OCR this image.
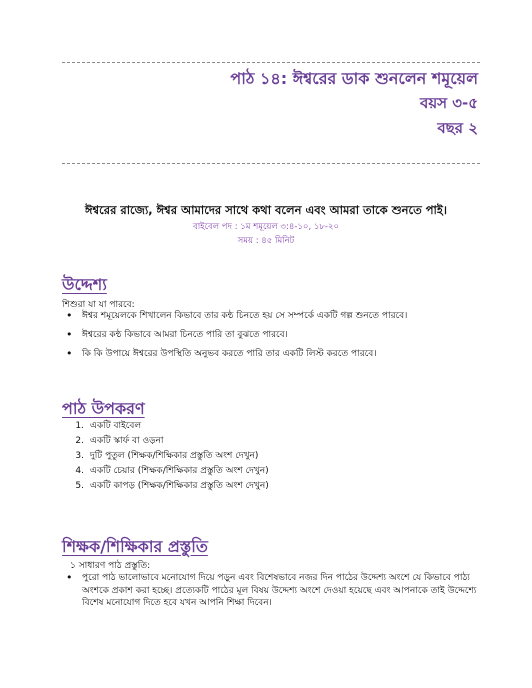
পাঠ ১৪: ঈশ্বরের ডাক শুনলেন শমূয়েল
বয়স ৩-৫
বছর ২
ঈশ্বরের রাজ্যে, ঈশ্বর আমাদের সাথে কথা বলেন এবং আমরা তাকে শুনতে পাই।
বাইবেল পদ : ১ম শমূয়েল ৩:৪-১০, ১৮-২০
সময় : ৪৫ মিনিট
উদ্দেশ্য
শিশুরা যা যা পারবে:
• ঈশ্বর শমূয়েলকে শিখালেন কিভাবে তার কন্ঠ চিনতে হয় সে সম্পর্কে একটি গল্প শুনতে পারবে।
• ঈশ্বরের কন্ঠ কিভাবে আমরা চিনতে পারি তা বুঝতে পারবে।
• কি কি উপায়ে ঈশ্বরের উপস্থিতি অনুভব করতে পারি তার একটি লিস্ট করতে পারবে।
পাঠ উপকরণ
1. একটি বাইবেল
2. একটি স্কার্ফ বা ওড়না
3. দুটি পুতুল (শিক্ষক/শিক্ষিকার প্রস্তুতি অংশ দেখুন)
4. একটি চেয়ার (শিক্ষক/শিক্ষিকার প্রস্তুতি অংশ দেখুন)
5. একটি কাপড় (শিক্ষক/শিক্ষিকার প্রস্তুতি অংশ দেখুন)
শিক্ষক/শিক্ষিকার প্রস্তুতি
১ সাধারণ পাঠ প্রস্তুতি:
• পুরো পাঠ ভালোভাবে মনোযোগ দিয়ে পড়ুন এবং বিশেষভাবে নজর দিন পাঠের উদ্দেশ্য অংশে যে কিভাবে পাঠ্য অংশকে প্রকাশ করা হচ্ছে। প্রত্যেকটি পাঠের মূল বিষয় উদ্দেশ্য অংশে দেওয়া হয়েছে এবং আপনাকে তাই উদ্দেশ্যে বিশেষ মনোযোগ দিতে হবে যখন আপনি শিক্ষা দিবেন।
